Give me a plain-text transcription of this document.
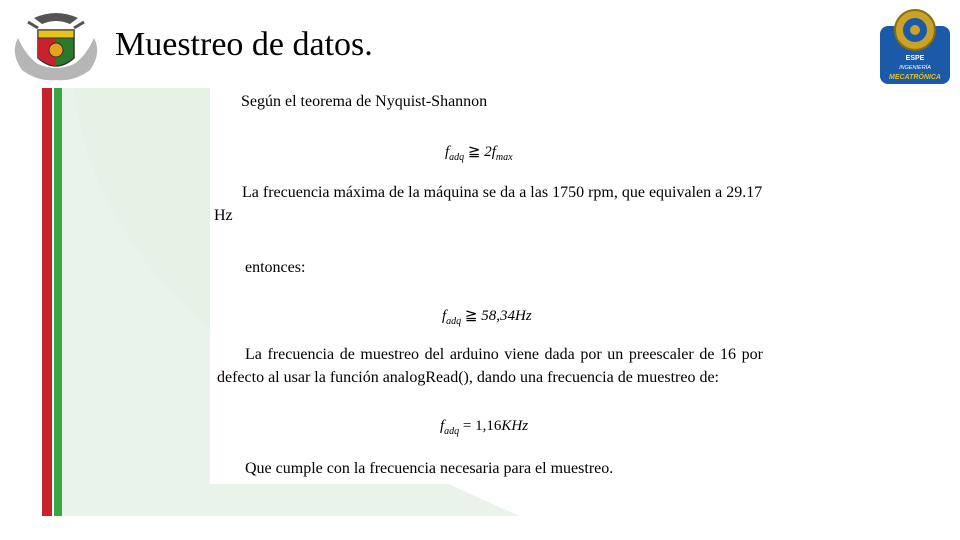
Muestreo de datos.	ESPE
INGENIERÍA
MECATRÓNICA
Según el teorema de Nyquist-Shannon
$f_{adq}$ ≧ $2f_{max}$
La frecuencia máxima de la máquina se da a las 1750 rpm, que equivalen a 29.17
Hz
entonces:
$f_{adq}$ ≧ 58,34Hz
La frecuencia de muestreo del arduino viene dada por un preescaler de 16 por
defecto al usar la función analogRead(), dando una frecuencia de muestreo de:
$f_{adq} = 1,16KHz$
Que cumple con la frecuencia necesaria para el muestreo.
